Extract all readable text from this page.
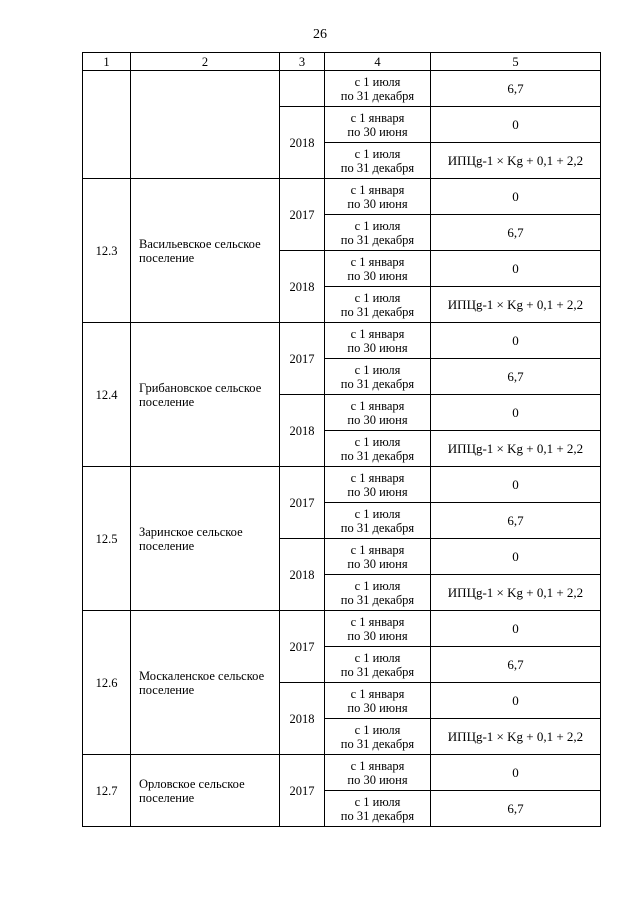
26
1	2	3	4	5

			с 1 июля
по 31 декабря	6,7
		2018	с 1 января
по 30 июня	0

			с 1 июля
по 31 декабря	ИПЦg-1 × Kg + 0,1 + 2,2
12.3	Васильевское сельское поселение	2017	с 1 января
по 30 июня	0

			с 1 июля
по 31 декабря	6,7
		2018	с 1 января
по 30 июня	0

			с 1 июля
по 31 декабря	ИПЦg-1 × Kg + 0,1 + 2,2
12.4	Грибановское сельское поселение	2017	с 1 января
по 30 июня	0

			с 1 июля
по 31 декабря	6,7
		2018	с 1 января
по 30 июня	0

			с 1 июля
по 31 декабря	ИПЦg-1 × Kg + 0,1 + 2,2
12.5	Заринское сельское поселение	2017	с 1 января
по 30 июня	0

			с 1 июля
по 31 декабря	6,7
		2018	с 1 января
по 30 июня	0

			с 1 июля
по 31 декабря	ИПЦg-1 × Kg + 0,1 + 2,2
12.6	Москаленское сельское поселение	2017	с 1 января
по 30 июня	0

			с 1 июля
по 31 декабря	6,7
		2018	с 1 января
по 30 июня	0

			с 1 июля
по 31 декабря	ИПЦg-1 × Kg + 0,1 + 2,2
12.7	Орловское сельское поселение	2017	с 1 января
по 30 июня	0

			с 1 июля
по 31 декабря	6,7
